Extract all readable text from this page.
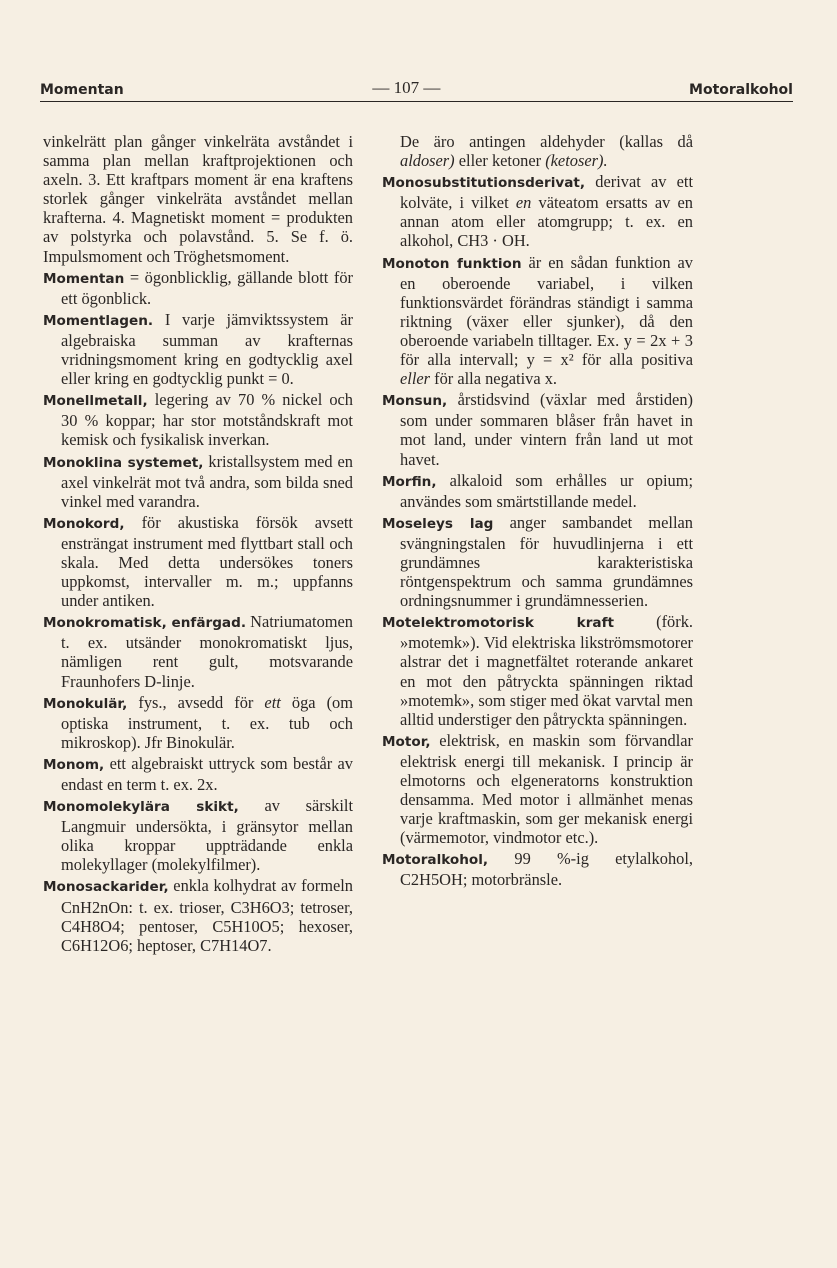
Momentan	— 107 —	Motoralkohol

vinkelrätt plan gånger vinkelräta avståndet i samma plan mellan kraftprojektionen och axeln. 3. Ett kraftpars moment är ena kraftens storlek gånger vinkelräta avståndet mellan krafterna. 4. Magnetiskt moment = produkten av polstyrka och polavstånd. 5. Se f. ö. Impulsmoment och Tröghetsmoment.

Momentan = ögonblicklig, gällande blott för ett ögonblick.

Momentlagen. I varje jämviktssystem är algebraiska summan av krafternas vridningsmoment kring en godtycklig axel eller kring en godtycklig punkt = 0.

Monellmetall, legering av 70 % nickel och 30 % koppar; har stor motståndskraft mot kemisk och fysikalisk inverkan.

Monoklina systemet, kristallsystem med en axel vinkelrät mot två andra, som bilda sned vinkel med varandra.

Monokord, för akustiska försök avsett ensträngat instrument med flyttbart stall och skala. Med detta undersökes toners uppkomst, intervaller m. m.; uppfanns under antiken.

Monokromatisk, enfärgad. Natriumatomen t. ex. utsänder monokromatiskt ljus, nämligen rent gult, motsvarande Fraunhofers D-linje.

Monokulär, fys., avsedd för ett öga (om optiska instrument, t. ex. tub och mikroskop). Jfr Binokulär.

Monom, ett algebraiskt uttryck som består av endast en term t. ex. 2x.

Monomolekylära skikt, av särskilt Langmuir undersökta, i gränsytor mellan olika kroppar uppträdande enkla molekyllager (molekylfilmer).

Monosackarider, enkla kolhydrat av formeln CnH2nOn: t. ex. trioser, C3H6O3; tetroser, C4H8O4; pentoser, C5H10O5; hexoser, C6H12O6; heptoser, C7H14O7.

De äro antingen aldehyder (kallas då aldoser) eller ketoner (ketoser).

Monosubstitutionsderivat, derivat av ett kolväte, i vilket en väteatom ersatts av en annan atom eller atomgrupp; t. ex. en alkohol, CH3 · OH.

Monoton funktion är en sådan funktion av en oberoende variabel, i vilken funktionsvärdet förändras ständigt i samma riktning (växer eller sjunker), då den oberoende variabeln tilltager. Ex. y = 2x + 3 för alla intervall; y = x² för alla positiva eller för alla negativa x.

Monsun, årstidsvind (växlar med årstiden) som under sommaren blåser från havet in mot land, under vintern från land ut mot havet.

Morfin, alkaloid som erhålles ur opium; användes som smärtstillande medel.

Moseleys lag anger sambandet mellan svängningstalen för huvudlinjerna i ett grundämnes karakteristiska röntgenspektrum och samma grundämnes ordningsnummer i grundämnesserien.

Motelektromotorisk kraft (förk. »motemk»). Vid elektriska likströmsmotorer alstrar det i magnetfältet roterande ankaret en mot den påtryckta spänningen riktad »motemk», som stiger med ökat varvtal men alltid understiger den påtryckta spänningen.

Motor, elektrisk, en maskin som förvandlar elektrisk energi till mekanisk. I princip är elmotorns och elgeneratorns konstruktion densamma. Med motor i allmänhet menas varje kraftmaskin, som ger mekanisk energi (värmemotor, vindmotor etc.).

Motoralkohol, 99 %-ig etylalkohol, C2H5OH; motorbränsle.
